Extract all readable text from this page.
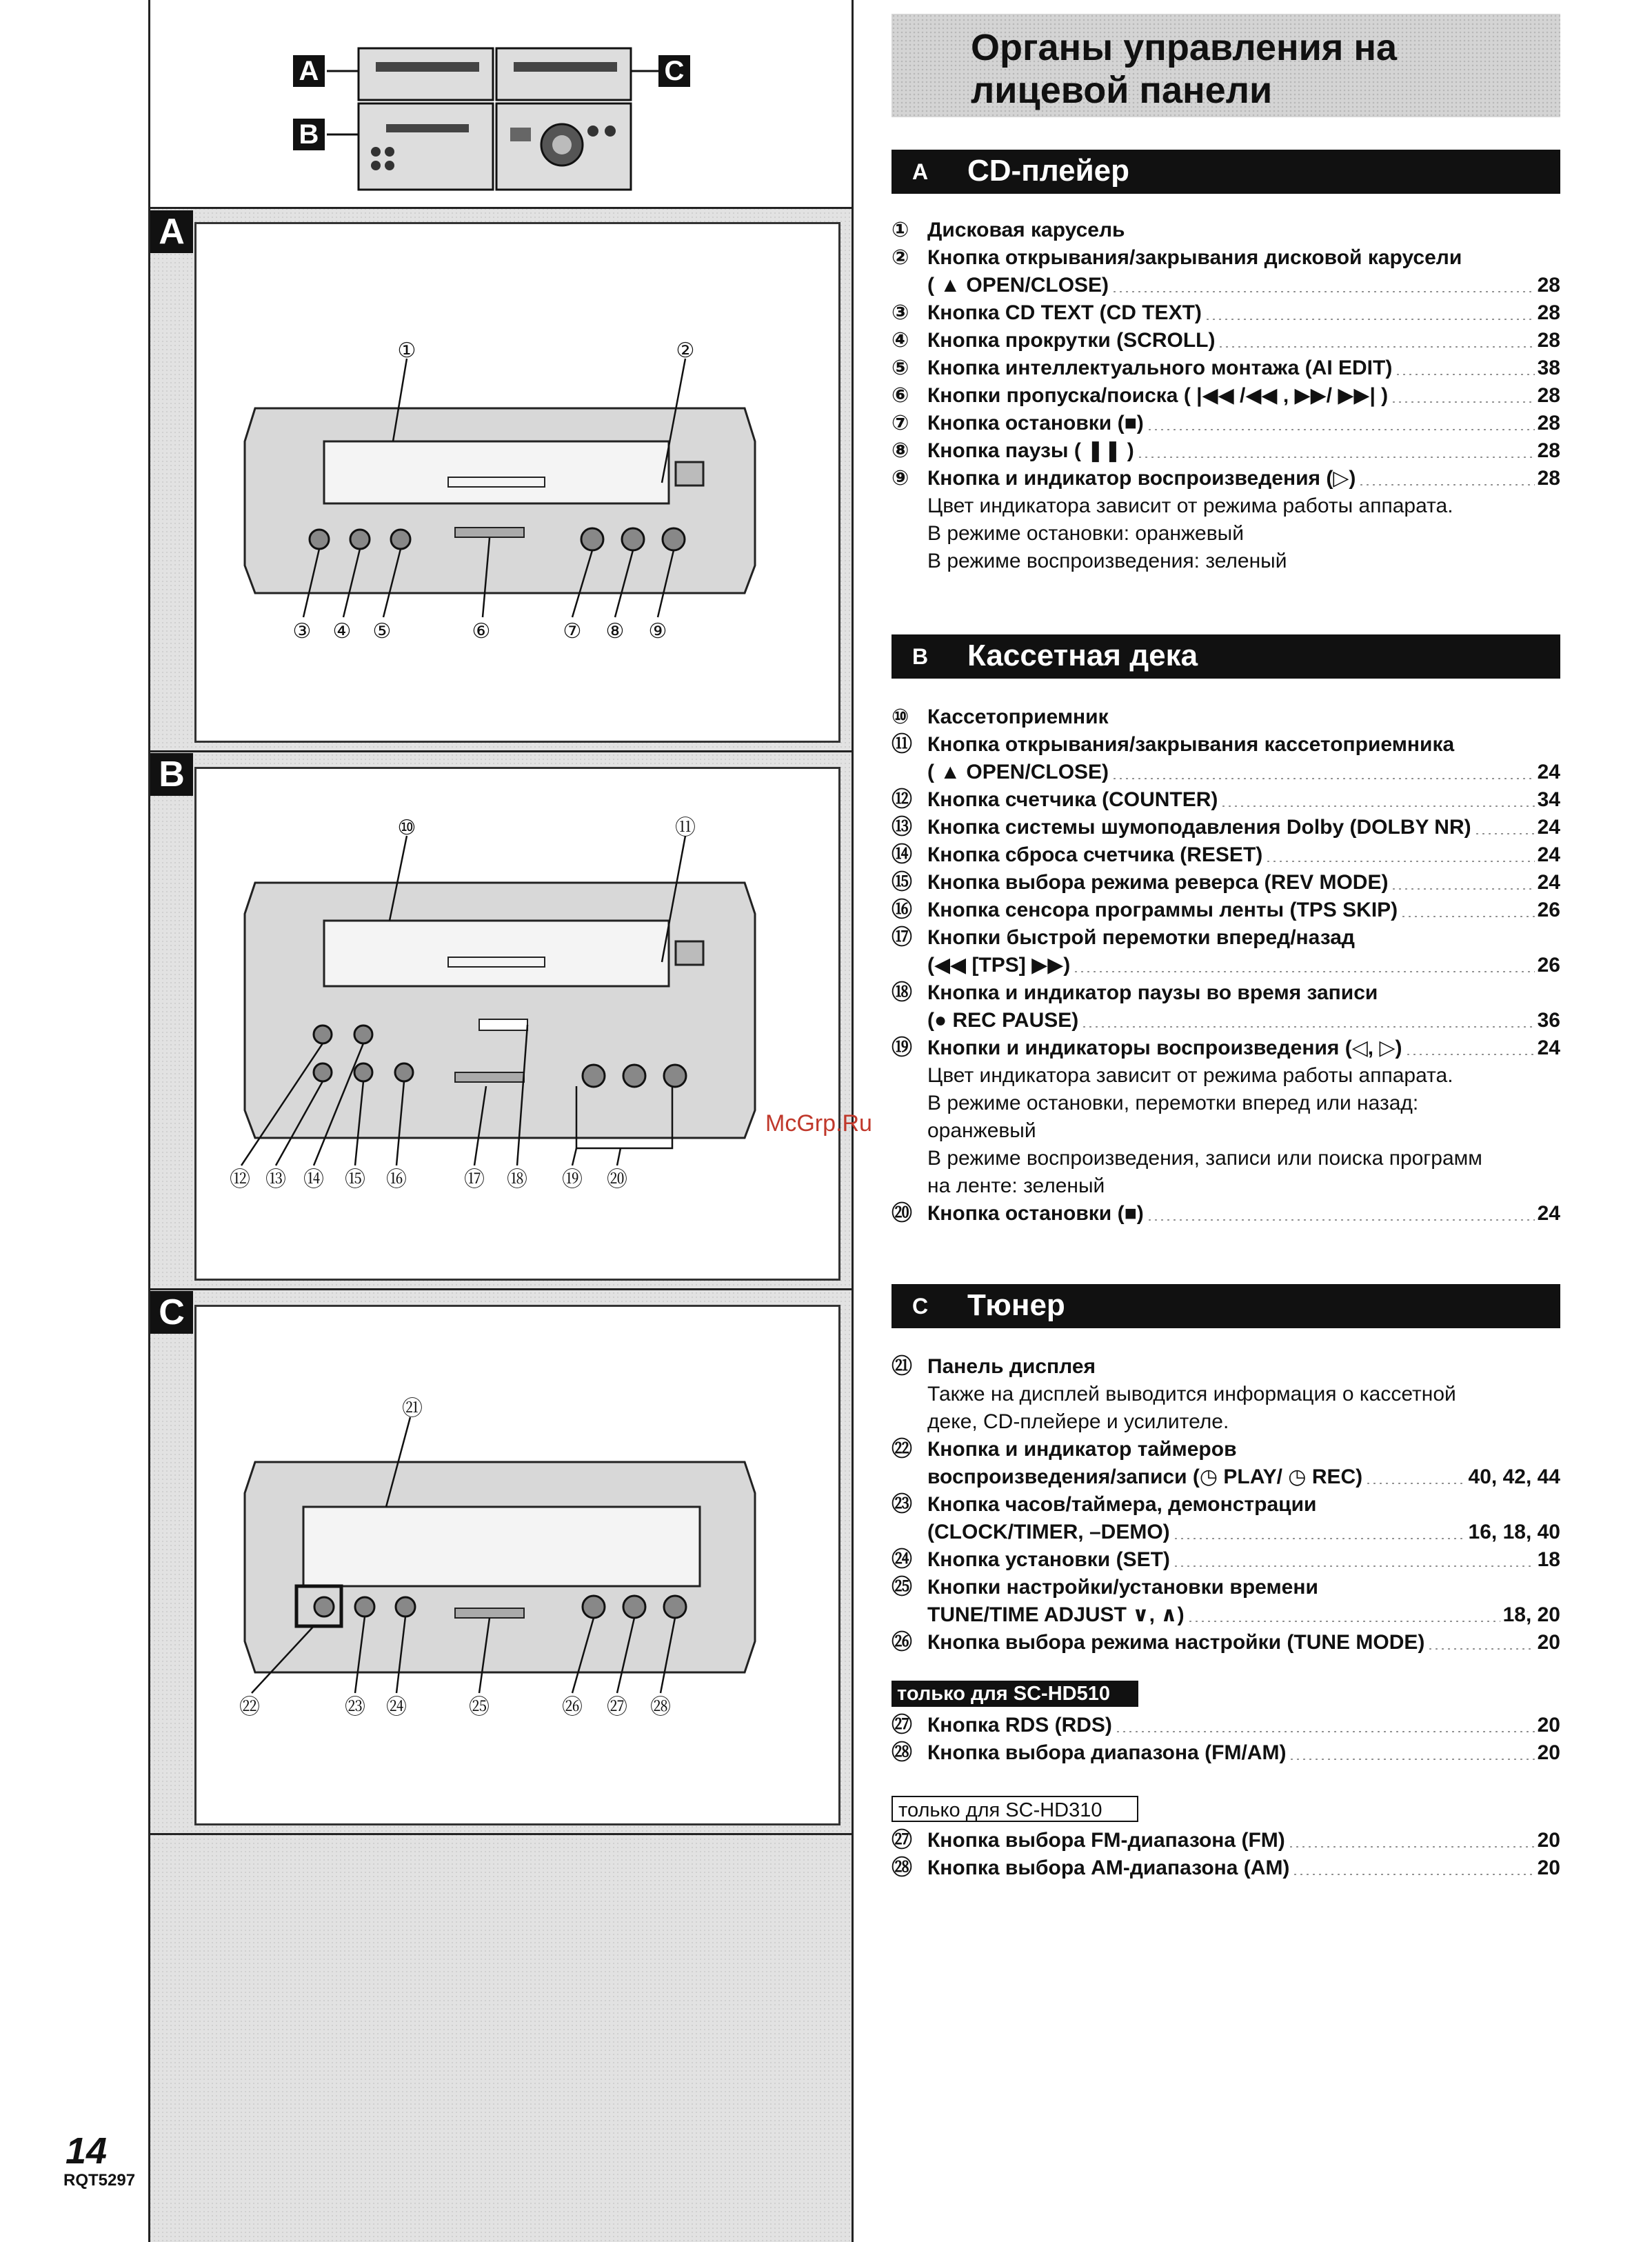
A
B
C
A
①	②
③ ④ ⑤	⑥	⑦ ⑧ ⑨
B
⑩	⑪
⑫ ⑬ ⑭ ⑮ ⑯	⑰ ⑱ ⑲ ⑳
C
㉑
㉒	㉓ ㉔	㉕	㉖ ㉗ ㉘
Органы управления на
лицевой панели
A CD-плейер
① Дисковая карусель
② Кнопка открывания/закрывания дисковой карусели
( ▲ OPEN/CLOSE)	28
③ Кнопка CD TEXT (CD TEXT)	28
④ Кнопка прокрутки (SCROLL)	28
⑤ Кнопка интеллектуального монтажа (AI EDIT)	38
⑥ Кнопки пропуска/поиска ( |◀◀ /◀◀ , ▶▶/ ▶▶| )	28
⑦ Кнопка остановки (■)	28
⑧ Кнопка паузы ( ❚❚ )	28
⑨ Кнопка и индикатор воспроизведения (▷)	28
Цвет индикатора зависит от режима работы аппарата.
В режиме остановки: оранжевый
В режиме воспроизведения: зеленый
B Кассетная дека
⑩ Кассетоприемник
⑪ Кнопка открывания/закрывания кассетоприемника
( ▲ OPEN/CLOSE)	24
⑫ Кнопка счетчика (COUNTER)	34
⑬ Кнопка системы шумоподавления Dolby (DOLBY NR)	24
⑭ Кнопка сброса счетчика (RESET)	24
⑮ Кнопка выбора режима реверса (REV MODE)	24
⑯ Кнопка сенсора программы ленты (TPS SKIP)	26
⑰ Кнопки быстрой перемотки вперед/назад
(◀◀ [TPS] ▶▶)	26
⑱ Кнопка и индикатор паузы во время записи
(● REC PAUSE)	36
⑲ Кнопки и индикаторы воспроизведения (◁, ▷)	24
Цвет индикатора зависит от режима работы аппарата.
В режиме остановки, перемотки вперед или назад:
оранжевый
В режиме воспроизведения, записи или поиска программ
на ленте: зеленый
⑳ Кнопка остановки (■)	24
C Тюнер
㉑ Панель дисплея
Также на дисплей выводится информация о кассетной
деке, CD-плейере и усилителе.
㉒ Кнопка и индикатор таймеров
воспроизведения/записи (◷ PLAY/ ◷ REC)	40, 42, 44
㉓ Кнопка часов/таймера, демонстрации
(CLOCK/TIMER, –DEMO)	16, 18, 40
㉔ Кнопка установки (SET)	18
㉕ Кнопки настройки/установки времени
TUNE/TIME ADJUST ∨, ∧)	18, 20
㉖ Кнопка выбора режима настройки (TUNE MODE)	20
только для SC-HD510
㉗ Кнопка RDS (RDS)	20
㉘ Кнопка выбора диапазона (FM/AM)	20
только для SC-HD310
㉗ Кнопка выбора FM-диапазона (FM)	20
㉘ Кнопка выбора AM-диапазона (AM)	20
14
RQT5297
McGrp.Ru
